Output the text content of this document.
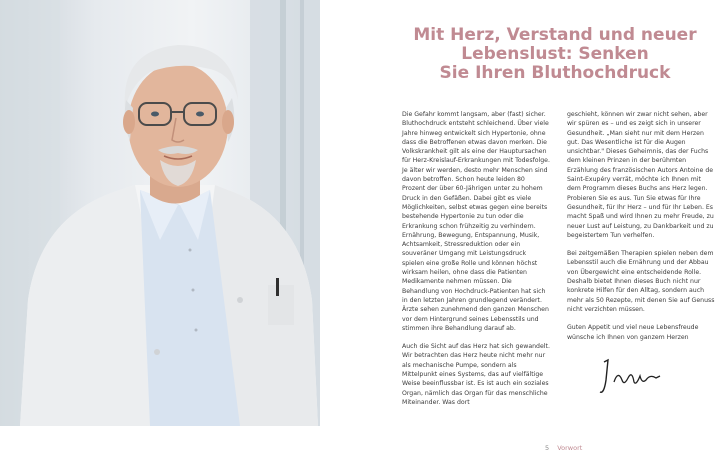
Mit Herz, Verstand und neuer
Lebenslust: Senken
Sie Ihren Bluthochdruck

Die Gefahr kommt langsam, aber (fast) sicher. Bluthochdruck entsteht schleichend. Über viele Jahre hinweg entwickelt sich Hypertonie, ohne dass die Betroffenen etwas davon merken. Die Volkskrankheit gilt als eine der Hauptursachen für Herz-Kreislauf-Erkrankungen mit Todesfolge. Je älter wir werden, desto mehr Menschen sind davon betroffen. Schon heute leiden 80 Prozent der über 60-Jährigen unter zu hohem Druck in den Gefäßen. Dabei gibt es viele Möglichkeiten, selbst etwas gegen eine bereits bestehende Hypertonie zu tun oder die Erkrankung schon frühzeitig zu verhindern. Ernährung, Bewegung, Entspannung, Musik, Achtsamkeit, Stressreduktion oder ein souveräner Umgang mit Leistungsdruck spielen eine große Rolle und können höchst wirksam heilen, ohne dass die Patienten Medikamente nehmen müssen. Die Behandlung von Hochdruck-Patienten hat sich in den letzten Jahren grundlegend verändert. Ärzte sehen zunehmend den ganzen Menschen vor dem Hintergrund seines Lebensstils und stimmen ihre Behandlung darauf ab.

Auch die Sicht auf das Herz hat sich gewandelt. Wir betrachten das Herz heute nicht mehr nur als mechanische Pumpe, sondern als Mittelpunkt eines Systems, das auf vielfältige Weise beeinflussbar ist. Es ist auch ein soziales Organ, nämlich das Organ für das menschliche Miteinander. Was dort

geschieht, können wir zwar nicht sehen, aber wir spüren es – und es zeigt sich in unserer Gesundheit. „Man sieht nur mit dem Herzen gut. Das Wesentliche ist für die Augen unsichtbar." Dieses Geheimnis, das der Fuchs dem kleinen Prinzen in der berühmten Erzählung des französischen Autors Antoine de Saint-Exupéry verrät, möchte ich Ihnen mit dem Programm dieses Buchs ans Herz legen. Probieren Sie es aus. Tun Sie etwas für Ihre Gesundheit, für Ihr Herz – und für Ihr Leben. Es macht Spaß und wird Ihnen zu mehr Freude, zu neuer Lust auf Leistung, zu Dankbarkeit und zu begeistertem Tun verhelfen.

Bei zeitgemäßen Therapien spielen neben dem Lebensstil auch die Ernährung und der Abbau von Übergewicht eine entscheidende Rolle. Deshalb bietet Ihnen dieses Buch nicht nur konkrete Hilfen für den Alltag, sondern auch mehr als 50 Rezepte, mit denen Sie auf Genuss nicht verzichten müssen.

Guten Appetit und viel neue Lebensfreude wünsche ich Ihnen von ganzem Herzen

5 Vorwort
